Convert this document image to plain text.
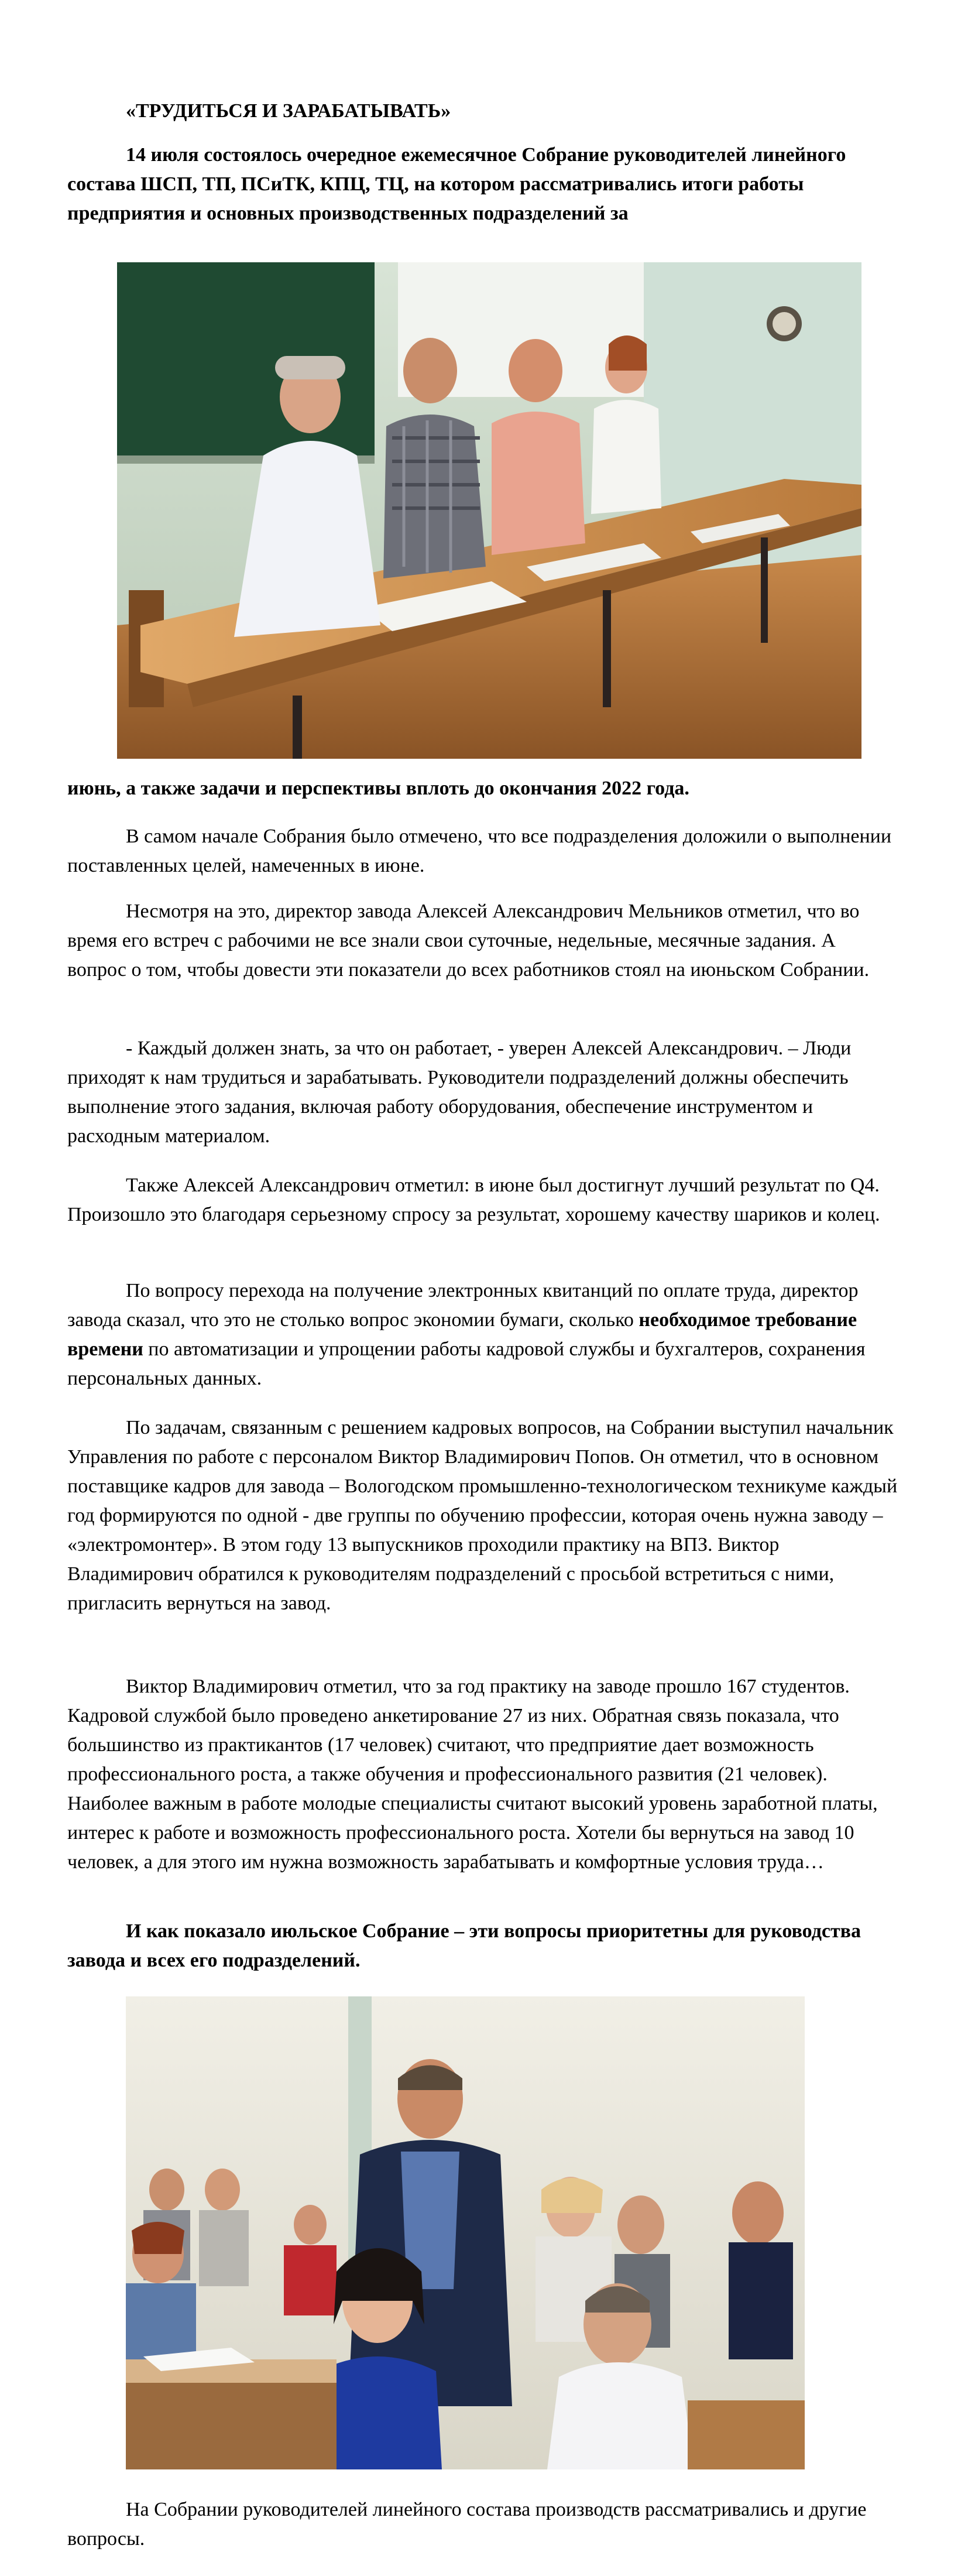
«ТРУДИТЬСЯ И ЗАРАБАТЫВАТЬ»

14 июля состоялось очередное ежемесячное Собрание руководителей линейного состава ШСП, ТП, ПСиТК, КПЦ, ТЦ, на котором рассматривались итоги работы предприятия и основных производственных подразделений за

июнь, а также задачи и перспективы вплоть до окончания 2022 года.

В самом начале Собрания было отмечено, что все подразделения доложили о выполнении поставленных целей, намеченных в июне.

Несмотря на это, директор завода Алексей Александрович Мельников отметил, что во время его встреч с рабочими не все знали свои суточные, недельные, месячные задания. А вопрос о том, чтобы довести эти показатели до всех работников стоял на июньском Собрании.

- Каждый должен знать, за что он работает, - уверен Алексей Александрович. – Люди приходят к нам трудиться и зарабатывать. Руководители подразделений должны обеспечить выполнение этого задания, включая работу оборудования, обеспечение инструментом и расходным материалом.

Также Алексей Александрович отметил: в июне был достигнут лучший результат по Q4. Произошло это благодаря серьезному спросу за результат, хорошему качеству шариков и колец.

По вопросу перехода на получение электронных квитанций по оплате труда, директор завода сказал, что это не столько вопрос экономии бумаги, сколько необходимое требование времени по автоматизации и упрощении работы кадровой службы и бухгалтеров, сохранения персональных данных.

По задачам, связанным с решением кадровых вопросов, на Собрании выступил начальник Управления по работе с персоналом Виктор Владимирович Попов. Он отметил, что в основном поставщике кадров для завода – Вологодском промышленно-технологическом техникуме каждый год формируются по одной - две группы по обучению профессии, которая очень нужна заводу – «электромонтер». В этом году 13 выпускников проходили практику на ВПЗ. Виктор Владимирович обратился к руководителям подразделений с просьбой встретиться с ними, пригласить вернуться на завод.

Виктор Владимирович отметил, что за год практику на заводе прошло 167 студентов. Кадровой службой было проведено анкетирование 27 из них. Обратная связь показала, что большинство из практикантов (17 человек) считают, что предприятие дает возможность профессионального роста, а также обучения и профессионального развития (21 человек). Наиболее важным в работе молодые специалисты считают высокий уровень заработной платы, интерес к работе и возможность профессионального роста. Хотели бы вернуться на завод 10 человек, а для этого им нужна возможность зарабатывать и комфортные условия труда…

И как показало июльское Собрание – эти вопросы приоритетны для руководства завода и всех его подразделений.

На Собрании руководителей линейного состава производств рассматривались и другие вопросы.
